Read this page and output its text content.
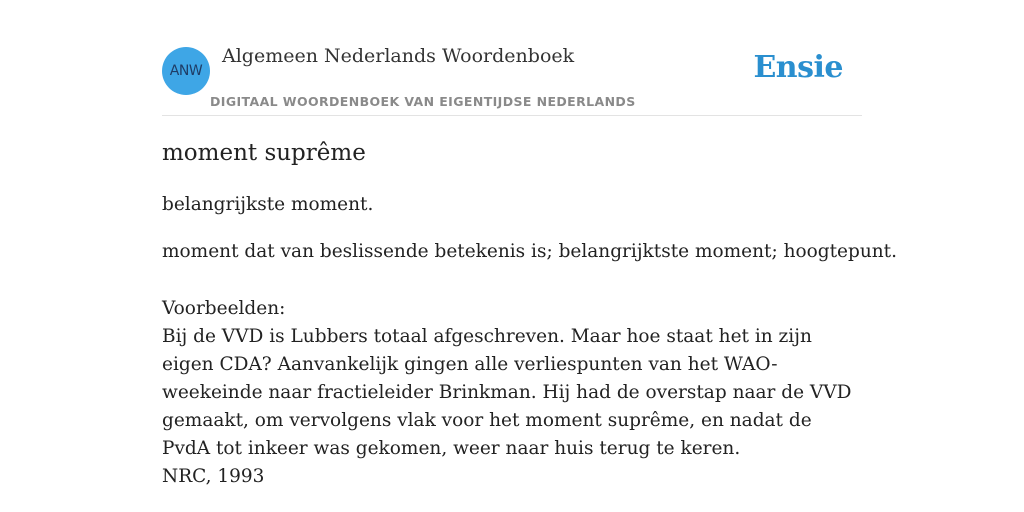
ANW
Algemeen Nederlands Woordenboek
DIGITAAL WOORDENBOEK VAN EIGENTIJDSE NEDERLANDS
Ensie
moment suprême
belangrijkste moment.
moment dat van beslissende betekenis is; belangrijktste moment; hoogtepunt.

Voorbeelden:

Bij de VVD is Lubbers totaal afgeschreven. Maar hoe staat het in zijn eigen CDA? Aanvankelijk gingen alle verliespunten van het WAO-weekeinde naar fractieleider Brinkman. Hij had de overstap naar de VVD gemaakt, om vervolgens vlak voor het moment suprême, en nadat de PvdA tot inkeer was gekomen, weer naar huis terug te keren.

NRC, 1993
